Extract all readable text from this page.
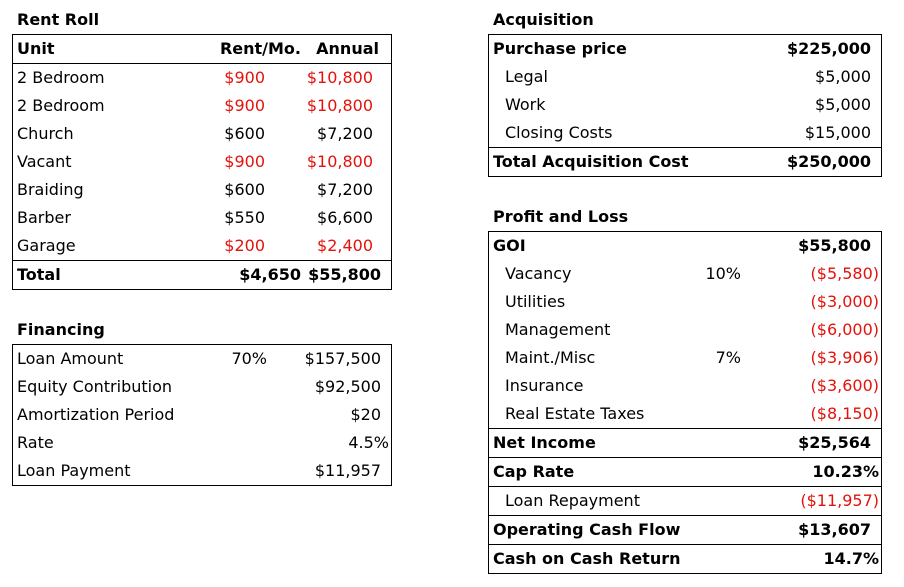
Rent Roll
Unit	Rent/Mo. Annual
2 Bedroom	$900	$10,800
2 Bedroom	$900	$10,800
Church	$600	$7,200
Vacant	$900	$10,800
Braiding	$600	$7,200
Barber	$550	$6,600
Garage	$200	$2,400
Total	$4,650 $55,800
Financing
Loan Amount	70% $157,500
Equity Contribution	$92,500
Amortization Period	$20
Rate	4.5%
Loan Payment	$11,957
Acquisition
Purchase price	$225,000
Legal	$5,000
Work	$5,000
Closing Costs	$15,000
Total Acquisition Cost	$250,000
Profit and Loss
GOI	$55,800
Vacancy	10%	($5,580)
Utilities	($3,000)
Management	($6,000)
Maint./Misc	7%	($3,906)
Insurance	($3,600)
Real Estate Taxes	($8,150)
Net Income	$25,564
Cap Rate	10.23%
Loan Repayment	($11,957)
Operating Cash Flow	$13,607
Cash on Cash Return	14.7%
